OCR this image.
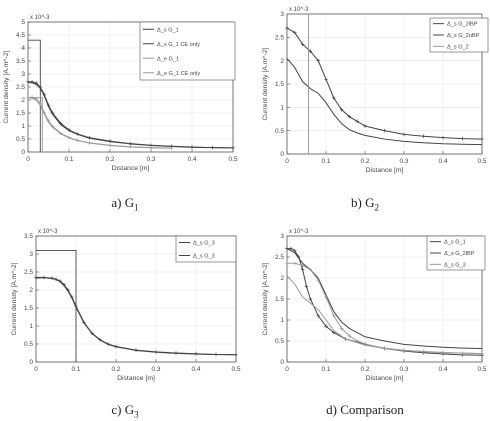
0	0.1	0.2	0.3	0.4	0.5
0
0.5
1
1.5
2
2.5
3
3.5
4
4.5
5
x 10^-3
Distance [m]
Current density [A.m^-2]
Δ_s G_1
Δ_s G_1 CE only
Δ_e G_1
Δ_e G_1 CE only
a) $G_1$
0	0.1	0.2	0.3	0.4	0.5
0
0.5
1
1.5
2
2.5
3
x 10^-3
Distance [m]
Current density [A.m^-2]
Δ_s G_2lBP
Δ_s G_2uBP
Δ_s G_2
b) $G_2$
0	0.1	0.2	0.3	0.4	0.5
0
0.5
1
1.5
2
2.5
3
3.5
x 10^-3
Distance [m]
Current density [A.m^-2]
Δ_s G_3
Δ_s G_3
c) $G_3$
0	0.1	0.2	0.3	0.4	0.5
0
0.5
1
1.5
2
2.5
3
x 10^-3
Distance [m]
Current density [A.m^-2]
Δ_s G_1
Δ_s G_2lBP
Δ_s G_3
d) Comparison
